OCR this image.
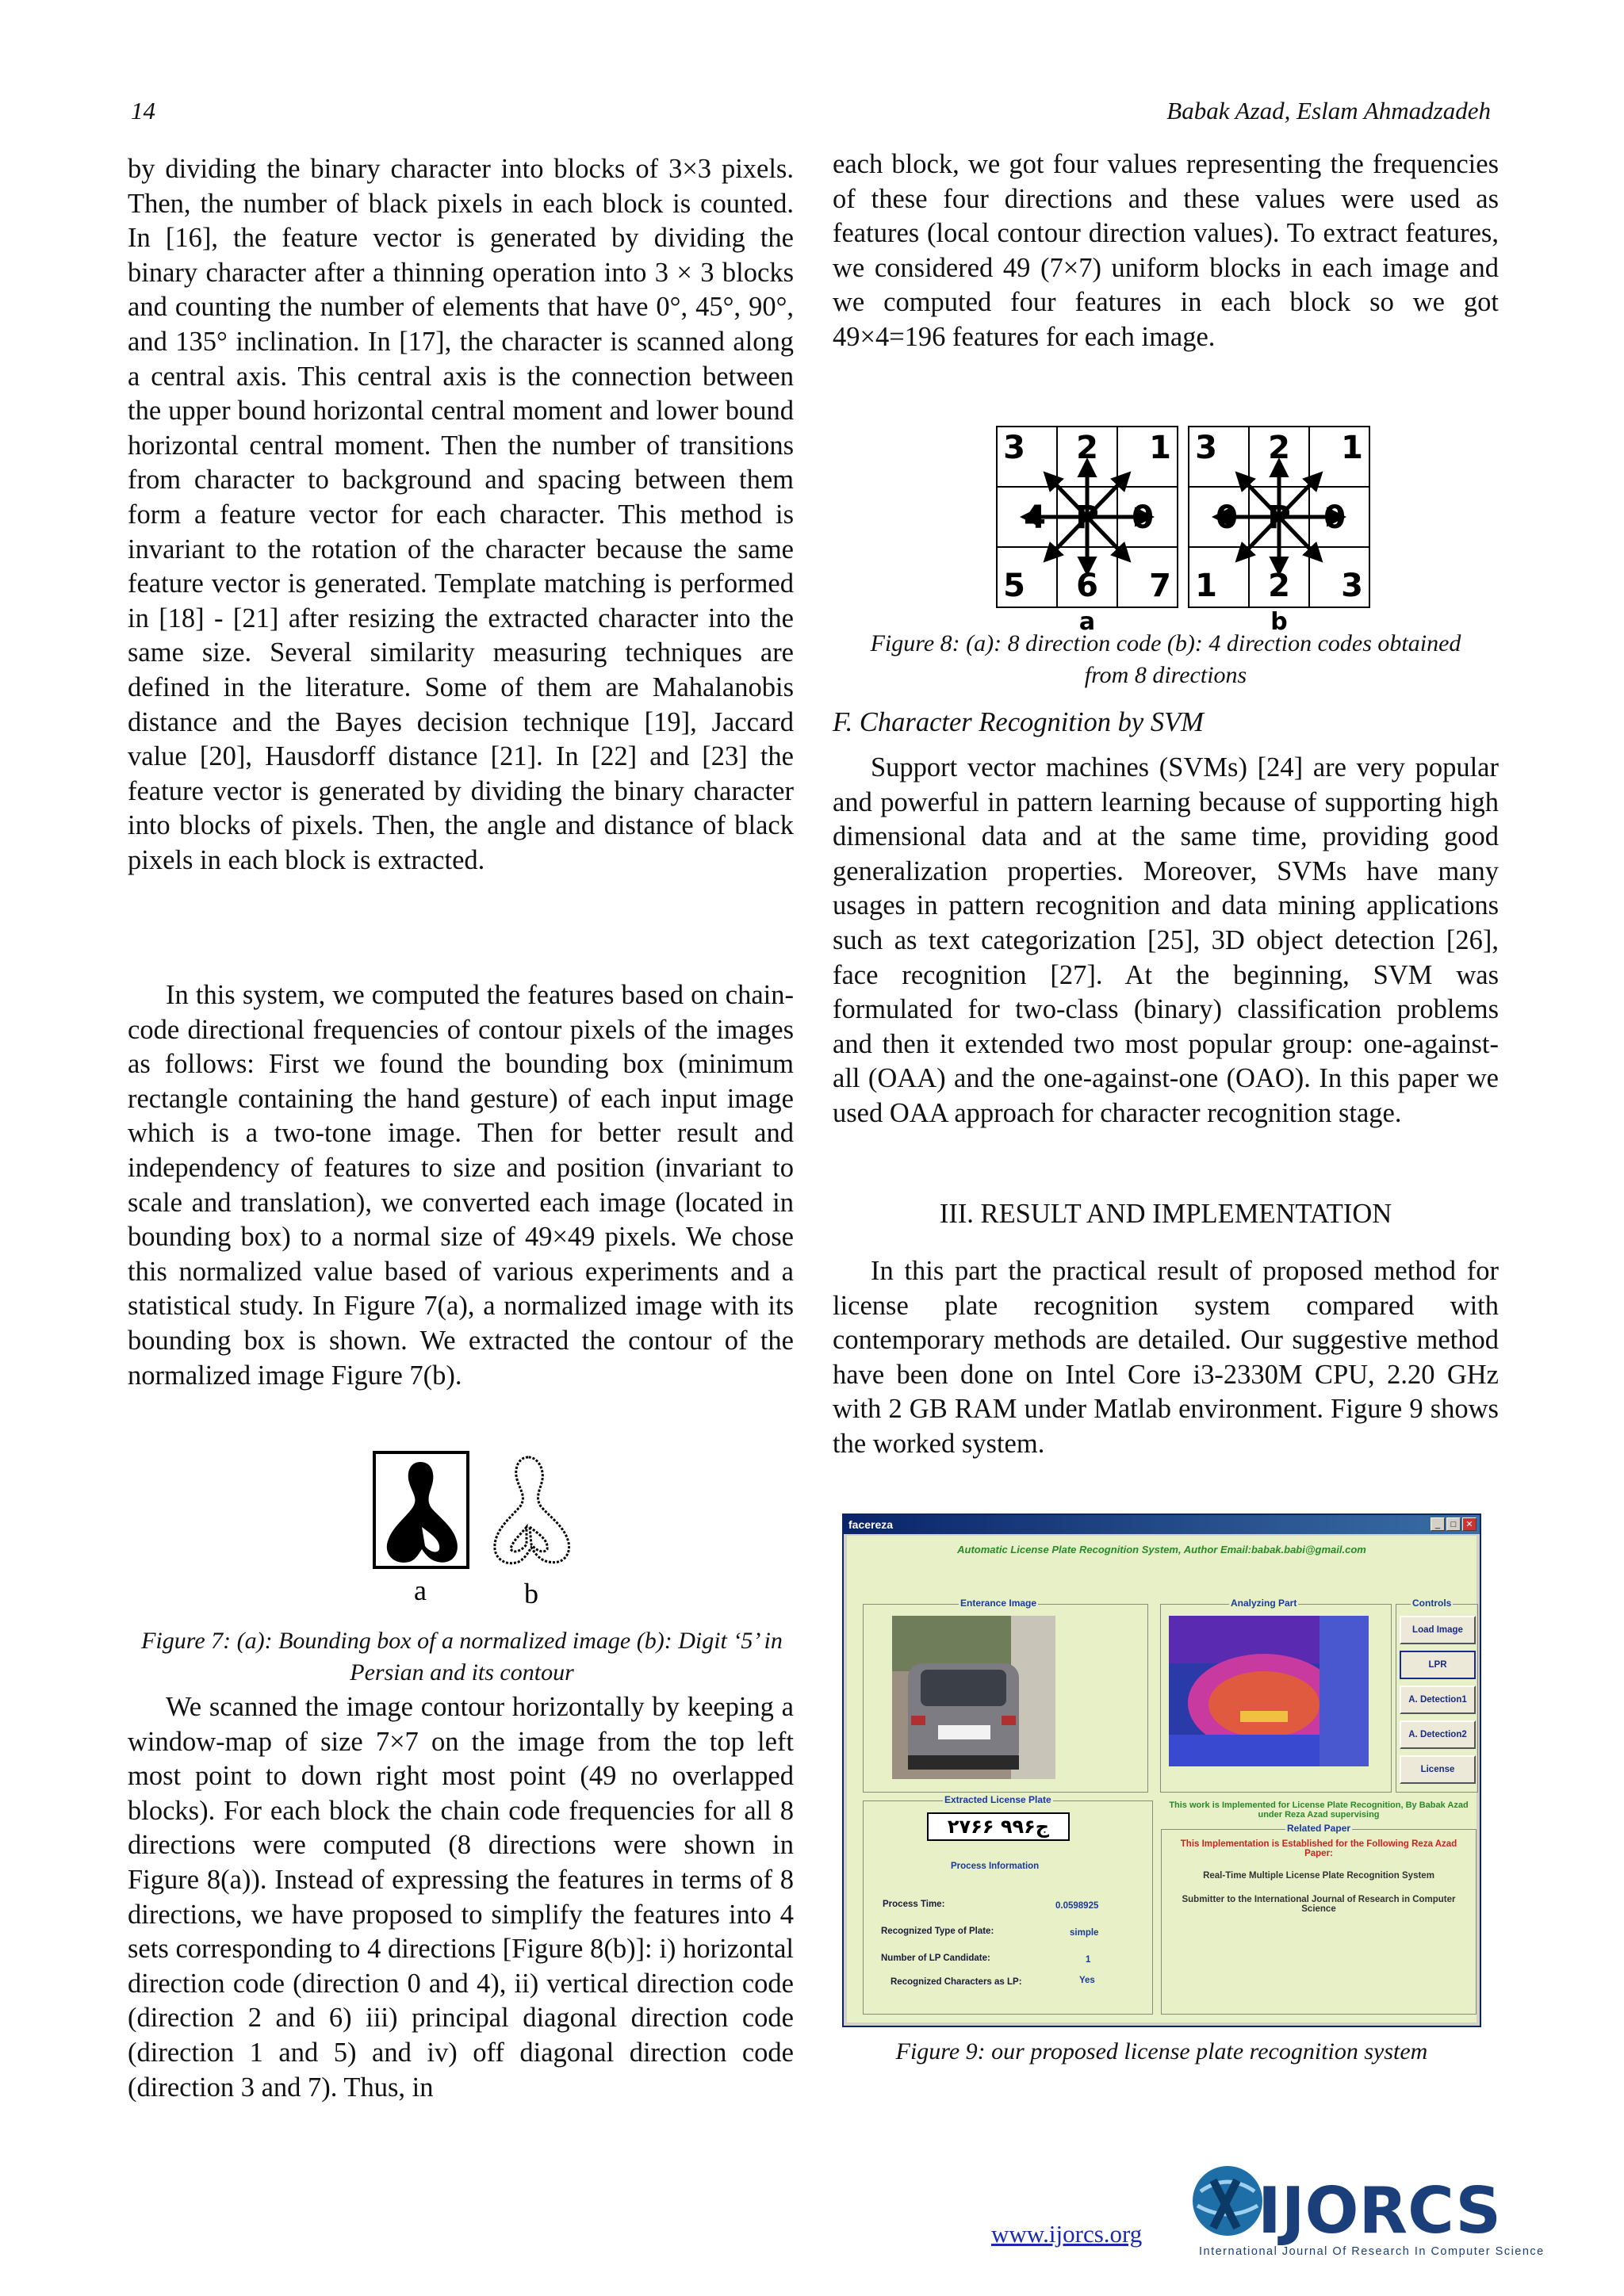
14	Babak Azad, Eslam Ahmadzadeh

by dividing the binary character into blocks of 3×3 pixels. Then, the number of black pixels in each block is counted. In [16], the feature vector is generated by dividing the binary character after a thinning operation into 3 × 3 blocks and counting the number of elements that have 0°, 45°, 90°, and 135° inclination. In [17], the character is scanned along a central axis. This central axis is the connection between the upper bound horizontal central moment and lower bound horizontal central moment. Then the number of transitions from character to background and spacing between them form a feature vector for each character. This method is invariant to the rotation of the character because the same feature vector is generated. Template matching is performed in [18] - [21] after resizing the extracted character into the same size. Several similarity measuring techniques are defined in the literature. Some of them are Mahalanobis distance and the Bayes decision technique [19], Jaccard value [20], Hausdorff distance [21]. In [22] and [23] the feature vector is generated by dividing the binary character into blocks of pixels. Then, the angle and distance of black pixels in each block is extracted.

In this system, we computed the features based on chain-code directional frequencies of contour pixels of the images as follows: First we found the bounding box (minimum rectangle containing the hand gesture) of each input image which is a two-tone image. Then for better result and independency of features to size and position (invariant to scale and translation), we converted each image (located in bounding box) to a normal size of 49×49 pixels. We chose this normalized value based of various experiments and a statistical study. In Figure 7(a), a normalized image with its bounding box is shown. We extracted the contour of the normalized image Figure 7(b).

a	b
Figure 7: (a): Bounding box of a normalized image (b): Digit ‘5’ in Persian and its contour

We scanned the image contour horizontally by keeping a window-map of size 7×7 on the image from the top left most point to down right most point (49 no overlapped blocks). For each block the chain code frequencies for all 8 directions were computed (8 directions were shown in Figure 8(a)). Instead of expressing the features in terms of 8 directions, we have proposed to simplify the features into 4 sets corresponding to 4 directions [Figure 8(b)]: i) horizontal direction code (direction 0 and 4), ii) vertical direction code (direction 2 and 6) iii) principal diagonal direction code (direction 1 and 5) and iv) off diagonal direction code (direction 3 and 7). Thus, in

each block, we got four values representing the frequencies of these four directions and these values were used as features (local contour direction values). To extract features, we considered 49 (7×7) uniform blocks in each image and we computed four features in each block so we got 49×4=196 features for each image.

3 2 1
4 P 0
5 6 7
3 2 1
0 P 0
1 2 3
a	b
Figure 8: (a): 8 direction code (b): 4 direction codes obtained from 8 directions
F. Character Recognition by SVM

Support vector machines (SVMs) [24] are very popular and powerful in pattern learning because of supporting high dimensional data and at the same time, providing good generalization properties. Moreover, SVMs have many usages in pattern recognition and data mining applications such as text categorization [25], 3D object detection [26], face recognition [27]. At the beginning, SVM was formulated for two-class (binary) classification problems and then it extended two most popular group: one-against-all (OAA) and the one-against-one (OAO). In this paper we used OAA approach for character recognition stage.

III. RESULT AND IMPLEMENTATION

In this part the practical result of proposed method for license plate recognition system compared with contemporary methods are detailed. Our suggestive method have been done on Intel Core i3-2330M CPU, 2.20 GHz with 2 GB RAM under Matlab environment. Figure 9 shows the worked system.

facereza	_	□	✕
Automatic License Plate Recognition System, Author Email:babak.babi@gmail.com
Enterance Image	Analyzing Part	Controls
Load Image
LPR
A. Detection1
A. Detection2
License
Extracted License Plate
۲۷ج۹۹۶ ۶۶
Process Information
Process Time:	0.0598925
Recognized Type of Plate:	simple
Number of LP Candidate:	1
Recognized Characters as LP:	Yes
This work is Implemented for License Plate Recognition, By Babak Azad under Reza Azad supervising
Related Paper
This Implementation is Established for the Following Reza Azad Paper:
Real-Time Multiple License Plate Recognition System
Submitter to the International Journal of Research in Computer Science
Figure 9: our proposed license plate recognition system
www.ijorcs.org IJORCS
International Journal Of Research In Computer Science
